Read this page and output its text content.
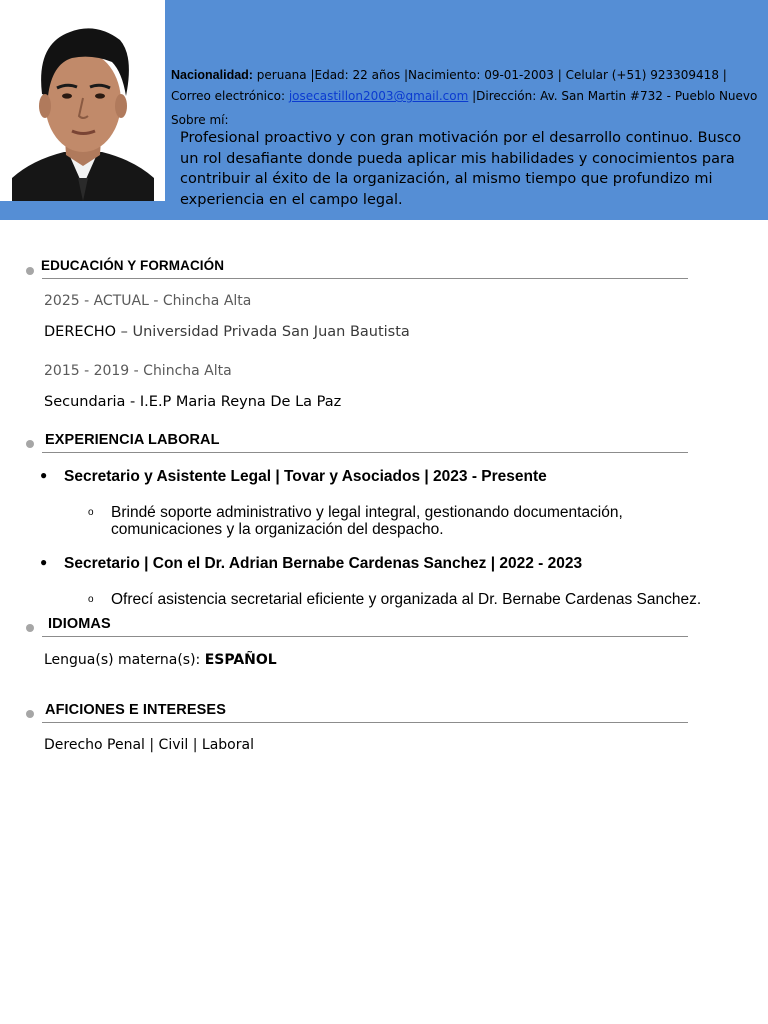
Nacionalidad: peruana |Edad: 22 años |Nacimiento: 09-01-2003 | Celular (+51) 923309418 |
Correo electrónico: josecastillon2003@gmail.com |Dirección: Av. San Martin #732 - Pueblo Nuevo
Sobre mí:
Profesional proactivo y con gran motivación por el desarrollo continuo. Busco un rol desafiante donde pueda aplicar mis habilidades y conocimientos para contribuir al éxito de la organización, al mismo tiempo que profundizo mi experiencia en el campo legal.
EDUCACIÓN Y FORMACIÓN
2025 - ACTUAL - Chincha Alta
DERECHO – Universidad Privada San Juan Bautista
2015 - 2019 - Chincha Alta
Secundaria - I.E.P Maria Reyna De La Paz
EXPERIENCIA LABORAL
● Secretario y Asistente Legal | Tovar y Asociados | 2023 - Presente
o Brindé soporte administrativo y legal integral, gestionando documentación, comunicaciones y la organización del despacho.
● Secretario | Con el Dr. Adrian Bernabe Cardenas Sanchez | 2022 - 2023
o Ofrecí asistencia secretarial eficiente y organizada al Dr. Bernabe Cardenas Sanchez.
IDIOMAS
Lengua(s) materna(s): ESPAÑOL
AFICIONES E INTERESES
Derecho Penal | Civil | Laboral
